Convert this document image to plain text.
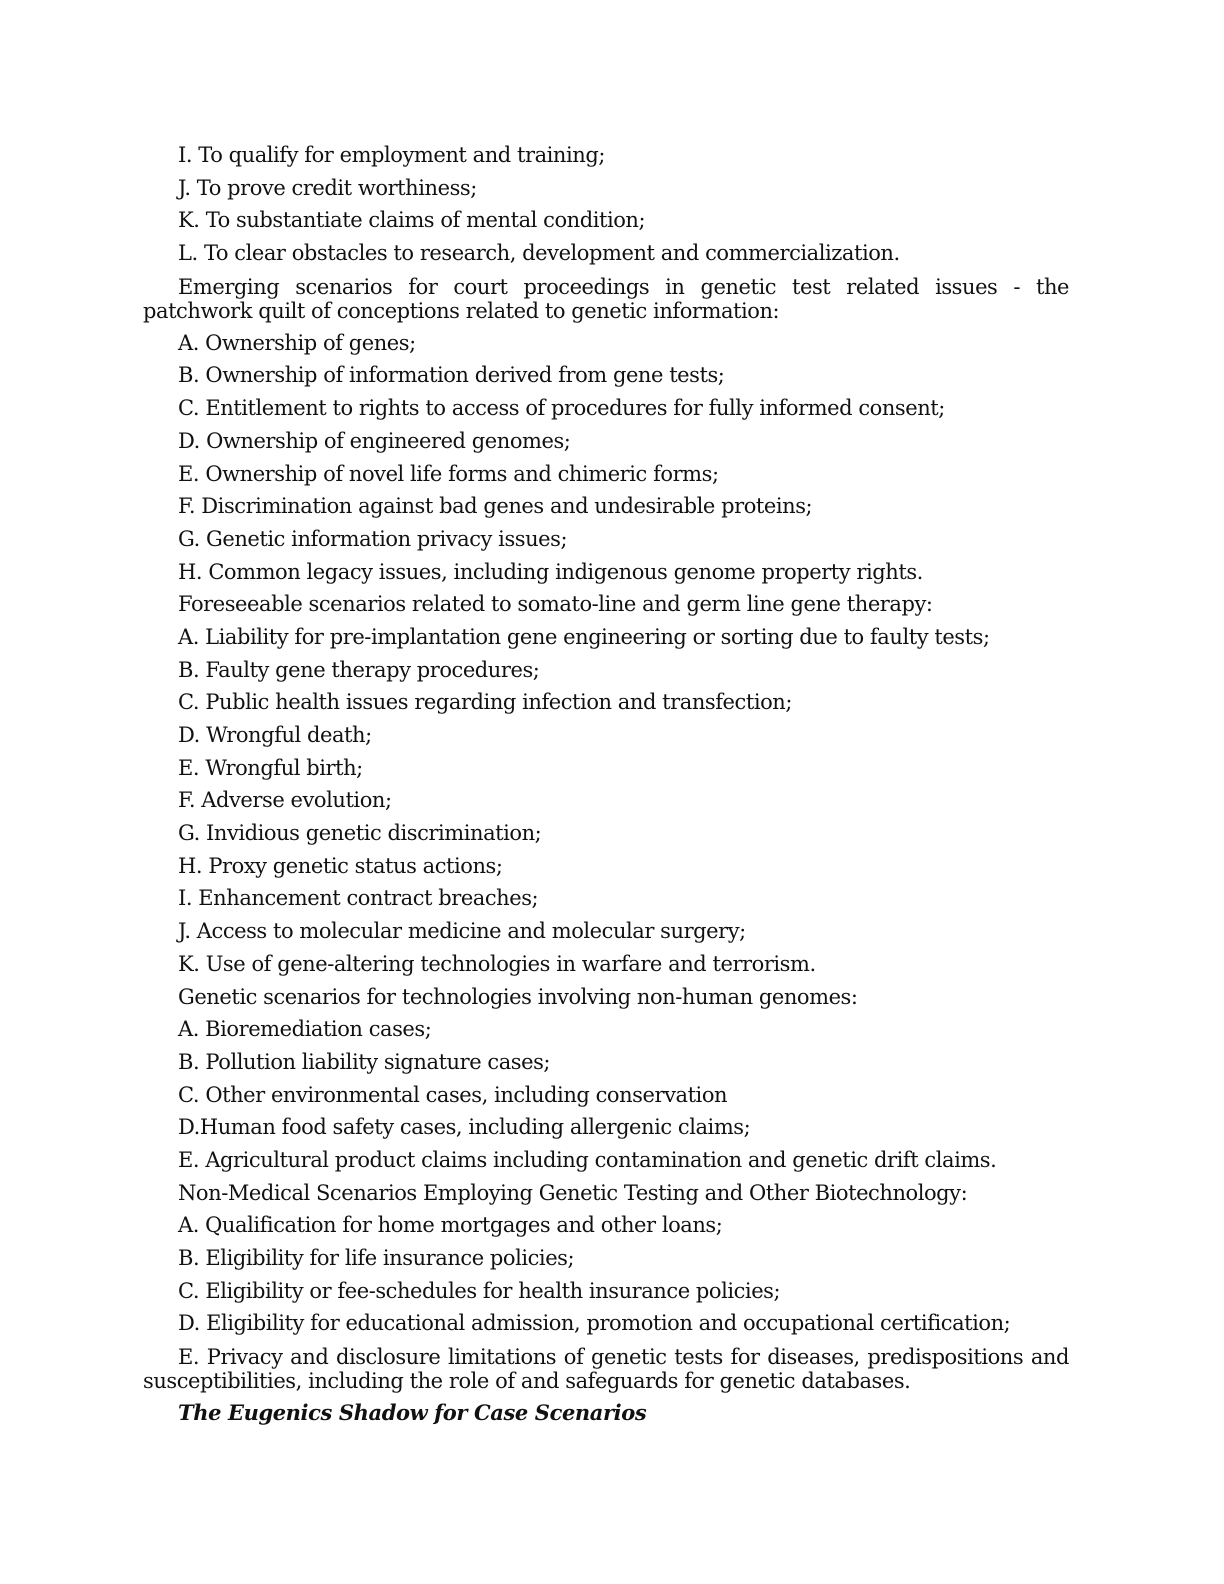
I. To qualify for employment and training;
J. To prove credit worthiness;
K. To substantiate claims of mental condition;
L. To clear obstacles to research, development and commercialization.

Emerging scenarios for court proceedings in genetic test related issues - the patchwork quilt of conceptions related to genetic information:

A. Ownership of genes;
B. Ownership of information derived from gene tests;
C. Entitlement to rights to access of procedures for fully informed consent;
D. Ownership of engineered genomes;
E. Ownership of novel life forms and chimeric forms;
F. Discrimination against bad genes and undesirable proteins;
G. Genetic information privacy issues;
H. Common legacy issues, including indigenous genome property rights.
Foreseeable scenarios related to somato-line and germ line gene therapy:
A. Liability for pre-implantation gene engineering or sorting due to faulty tests;
B. Faulty gene therapy procedures;
C. Public health issues regarding infection and transfection;
D. Wrongful death;
E. Wrongful birth;
F. Adverse evolution;
G. Invidious genetic discrimination;
H. Proxy genetic status actions;
I. Enhancement contract breaches;
J. Access to molecular medicine and molecular surgery;
K. Use of gene-altering technologies in warfare and terrorism.
Genetic scenarios for technologies involving non-human genomes:
A. Bioremediation cases;
B. Pollution liability signature cases;
C. Other environmental cases, including conservation
D.Human food safety cases, including allergenic claims;
E. Agricultural product claims including contamination and genetic drift claims.
Non-Medical Scenarios Employing Genetic Testing and Other Biotechnology:
A. Qualification for home mortgages and other loans;
B. Eligibility for life insurance policies;
C. Eligibility or fee-schedules for health insurance policies;
D. Eligibility for educational admission, promotion and occupational certification;

E. Privacy and disclosure limitations of genetic tests for diseases, predispositions and susceptibilities, including the role of and safeguards for genetic databases.

The Eugenics Shadow for Case Scenarios
